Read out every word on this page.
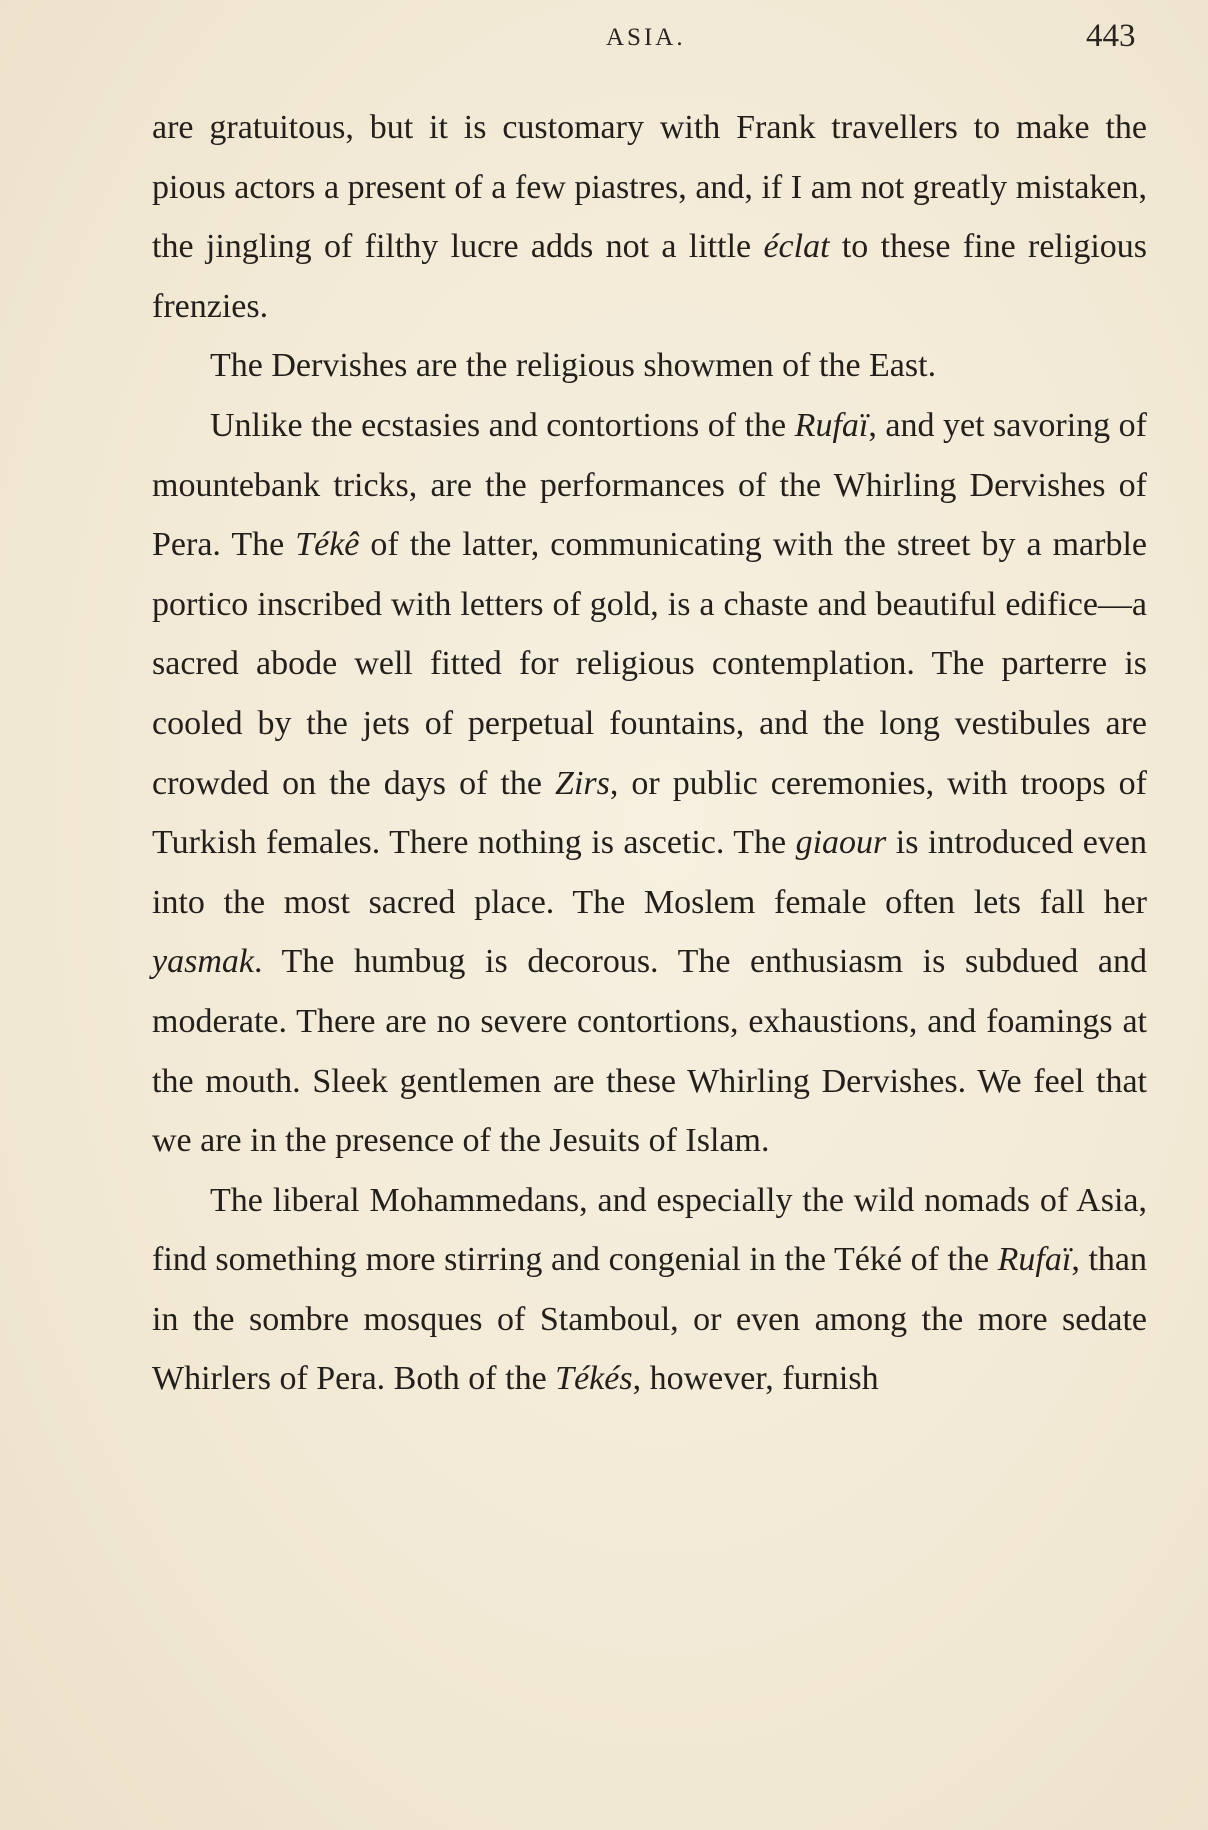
ASIA.	443

are gratuitous, but it is customary with Frank travellers to make the pious actors a present of a few piastres, and, if I am not greatly mistaken, the jingling of filthy lucre adds not a little éclat to these fine religious frenzies.

The Dervishes are the religious showmen of the East.

Unlike the ecstasies and contortions of the Rufaï, and yet savoring of mountebank tricks, are the performances of the Whirling Dervishes of Pera. The Tékê of the latter, communicating with the street by a marble portico inscribed with letters of gold, is a chaste and beautiful edifice—a sacred abode well fitted for religious contemplation. The parterre is cooled by the jets of perpetual fountains, and the long vestibules are crowded on the days of the Zirs, or public ceremonies, with troops of Turkish females. There nothing is ascetic. The giaour is introduced even into the most sacred place. The Moslem female often lets fall her yasmak. The humbug is decorous. The enthusiasm is subdued and moderate. There are no severe contortions, exhaustions, and foamings at the mouth. Sleek gentlemen are these Whirling Dervishes. We feel that we are in the presence of the Jesuits of Islam.

The liberal Mohammedans, and especially the wild nomads of Asia, find something more stirring and congenial in the Téké of the Rufaï, than in the sombre mosques of Stamboul, or even among the more sedate Whirlers of Pera. Both of the Tékés, however, furnish
